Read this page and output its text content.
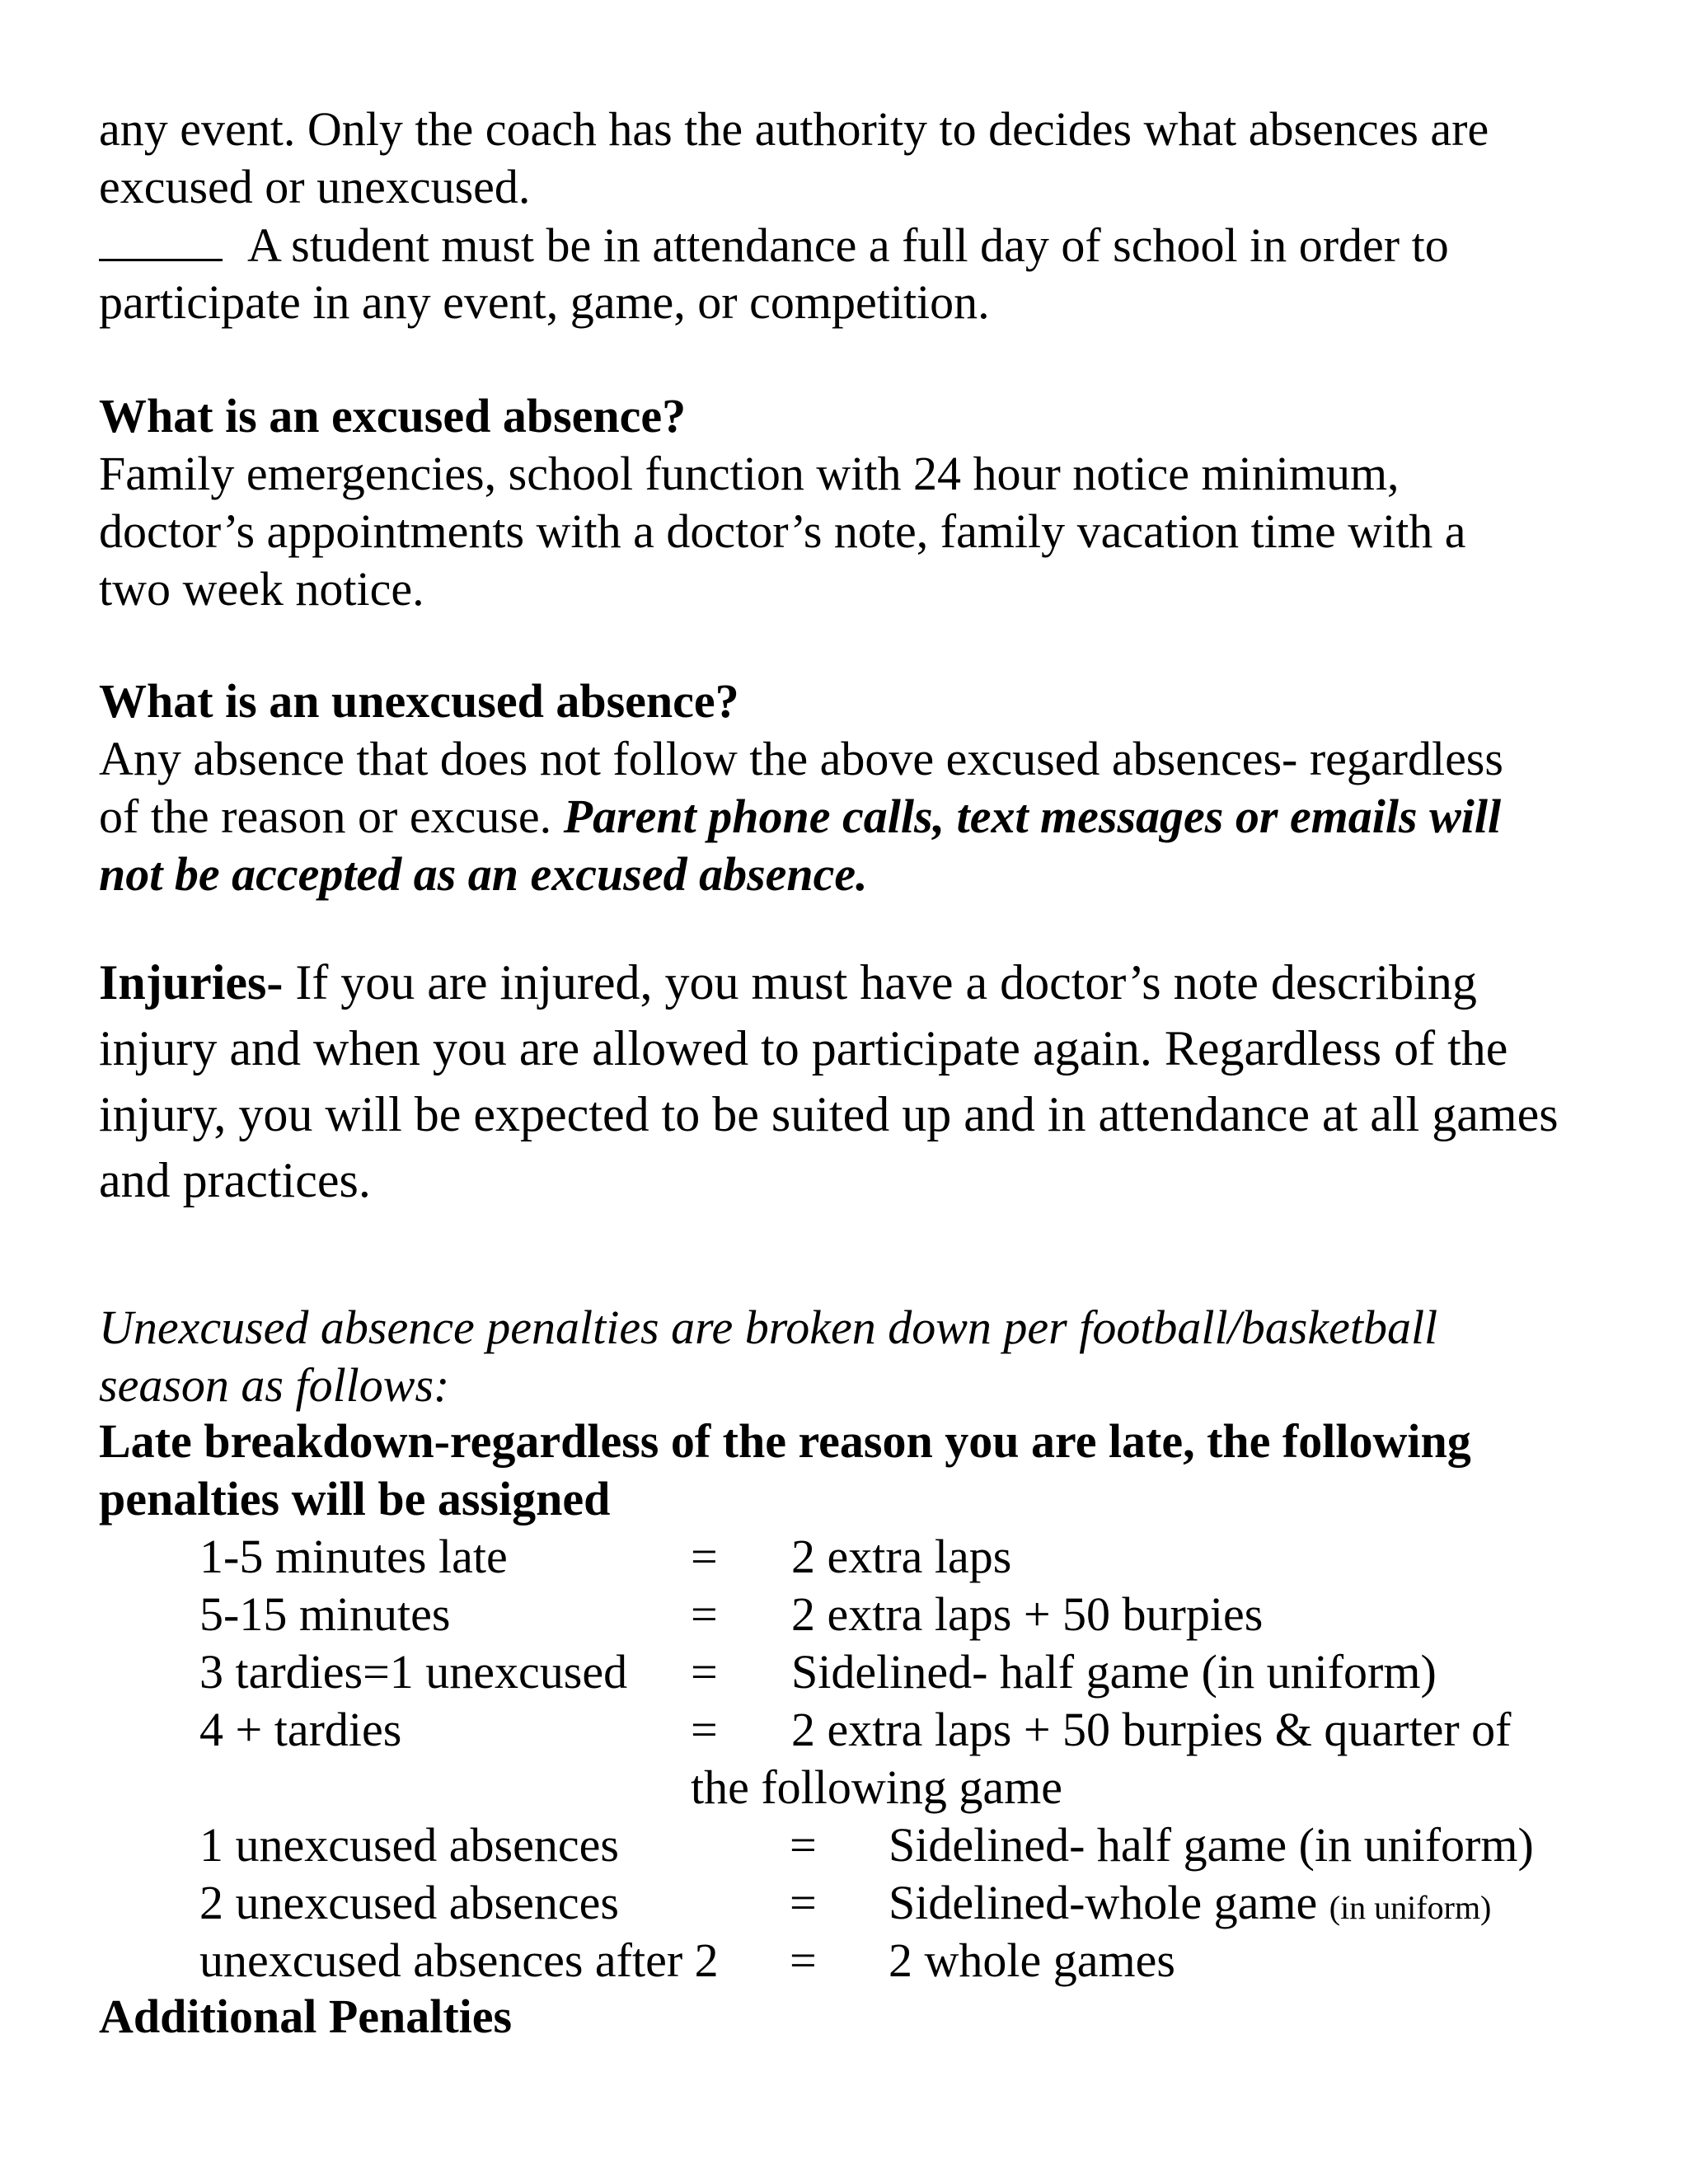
any event. Only the coach has the authority to decides what absences are
excused or unexcused.
A student must be in attendance a full day of school in order to
participate in any event, game, or competition.
What is an excused absence?
Family emergencies, school function with 24 hour notice minimum,
doctor’s appointments with a doctor’s note, family vacation time with a
two week notice.
What is an unexcused absence?
Any absence that does not follow the above excused absences- regardless
of the reason or excuse. Parent phone calls, text messages or emails will
not be accepted as an excused absence.
Injuries- If you are injured, you must have a doctor’s note describing
injury and when you are allowed to participate again. Regardless of the
injury, you will be expected to be suited up and in attendance at all games
and practices.
Unexcused absence penalties are broken down per football/basketball
season as follows:
Late breakdown-regardless of the reason you are late, the following
penalties will be assigned
1-5 minutes late	= 2 extra laps
5-15 minutes	= 2 extra laps + 50 burpies
3 tardies=1 unexcused = Sidelined- half game (in uniform)
4 + tardies	= 2 extra laps + 50 burpies & quarter of
the following game
1 unexcused absences	= Sidelined- half game (in uniform)
2 unexcused absences	= Sidelined-whole game (in uniform)
unexcused absences after 2 = 2 whole games
Additional Penalties
